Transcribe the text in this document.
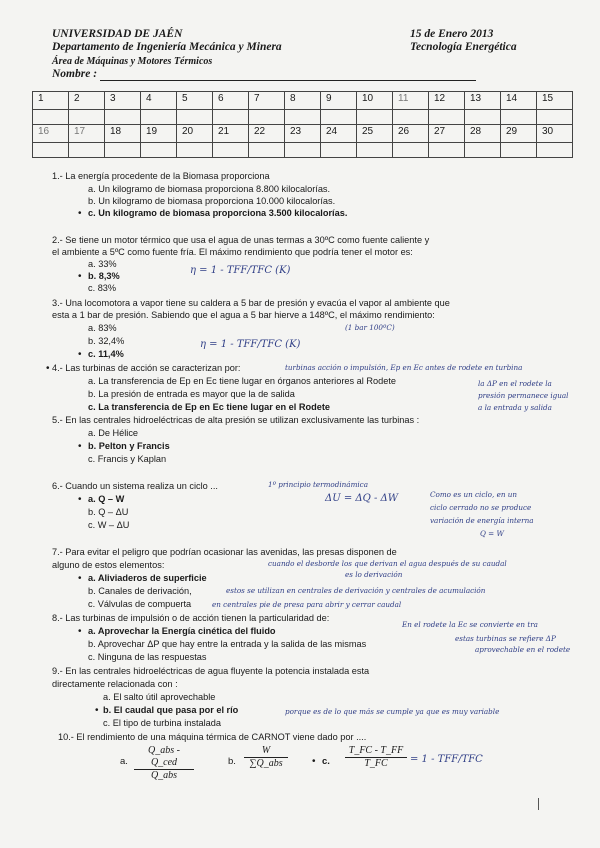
UNIVERSIDAD DE JAÉN
Departamento de Ingeniería Mecánica y Minera
Área de Máquinas y Motores Térmicos
Nombre :
15 de Enero 2013
Tecnología Energética
1	2	3	4	5	6	7	8	9	10	11	12	13	14	15

16	17	18	19	20	21	22	23	24	25	26	27	28	29	30

1.- La energía procedente de la Biomasa proporciona
a. Un kilogramo de biomasa proporciona 8.800 kilocalorías.
b. Un kilogramo de biomasa proporciona 10.000 kilocalorías.
• c. Un kilogramo de biomasa proporciona 3.500 kilocalorías.
2.- Se tiene un motor térmico que usa el agua de unas termas a 30ºC como fuente caliente y
el ambiente a 5ºC como fuente fría. El máximo rendimiento que podría tener el motor es:
a. 33%
• b. 8,3%
c. 83%
η = 1 - TFF/TFC (K)
3.- Una locomotora a vapor tiene su caldera a 5 bar de presión y evacúa el vapor al ambiente que
esta a 1 bar de presión. Sabiendo que el agua a 5 bar hierve a 148ºC, el máximo rendimiento:
a. 83%
b. 32,4%
• c. 11,4%
(1 bar 100ºC)
η = 1 - TFF/TFC (K)
4.- Las turbinas de acción se caracterizan por:
•
a. La transferencia de Ep en Ec tiene lugar en órganos anteriores al Rodete
b. La presión de entrada es mayor que la de salida
c. La transferencia de Ep en Ec tiene lugar en el Rodete
turbinas acción o impulsión, Ep en Ec antes de rodete en turbina
la ΔP en el rodete la
presión permanece igual
a la entrada y salida
5.- En las centrales hidroeléctricas de alta presión se utilizan exclusivamente las turbinas :
a. De Hélice
• b. Pelton y Francis
c. Francis y Kaplan
6.- Cuando un sistema realiza un ciclo ...
a. Q – W
•
b. Q – ΔU
c. W – ΔU
1º principio termodinámica
ΔU = ΔQ - ΔW	Como es un ciclo, en un
ciclo cerrado no se produce
variación de energía interna
Q = W
7.- Para evitar el peligro que podrían ocasionar las avenidas, las presas disponen de
alguno de estos elementos:
• a. Aliviaderos de superficie
b. Canales de derivación,
c. Válvulas de compuerta
cuando el desborde los que derivan el agua después de su caudal
es lo derivación
estos se utilizan en centrales de derivación y centrales de acumulación
en centrales pie de presa para abrir y cerrar caudal
8.- Las turbinas de impulsión o de acción tienen la particularidad de:
• a. Aprovechar la Energía cinética del fluido
b. Aprovechar ΔP que hay entre la entrada y la salida de las mismas
c. Ninguna de las respuestas
En el rodete la Ec se convierte en tra
estas turbinas se refiere ΔP
aprovechable en el rodete
9.- En las centrales hidroeléctricas de agua fluyente la potencia instalada esta
directamente relacionada con :
a. El salto útil aprovechable
• b. El caudal que pasa por el río
c. El tipo de turbina instalada
porque es de lo que más se cumple ya que es muy variable
10.- El rendimiento de una máquina térmica de CARNOT viene dado por ....
a.
Q_abs - Q_ced
Q_abs
b.
W
∑Q_abs	• c. $\frac{T\_FC - T\_FF}{T\_FC} = 1 - TFF/TFC$
